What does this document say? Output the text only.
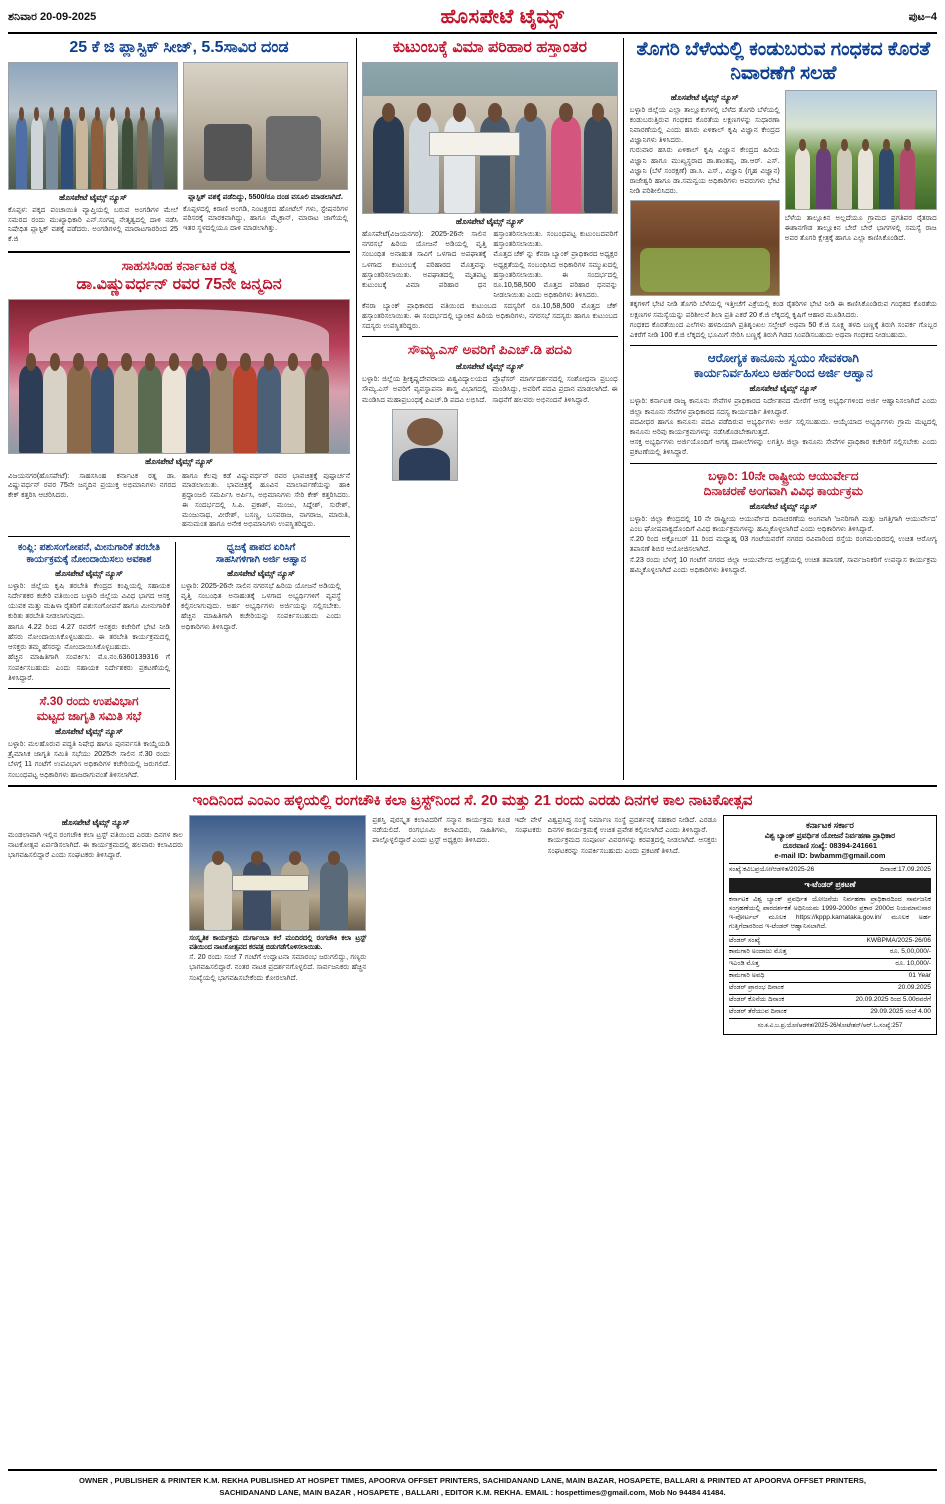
ಶನಿವಾರ 20-09-2025	ಹೊಸಪೇಟೆ ಟೈಮ್ಸ್	ಪುಟ–4
25 ಕೆ ಜಿ ಪ್ಲಾಸ್ಟಿಕ್ ಸೀಜ್, 5.5ಸಾವಿರ ದಂಡ
ಹೊಸಪೇಟೆ ಟೈಮ್ಸ್ ನ್ಯೂಸ್
ಕೊಪ್ಪಳ: ಪಕ್ಕದ ಪಂಚಾಯಿತಿ ವ್ಯಾಪ್ತಿಯಲ್ಲಿ ಬರುವ ಅಂಗಡಿಗಳ ಮೇಲೆ ಸಮರದ ರಂದು ಮುಖ್ಯಾಧಿಕಾರಿ ಎನ್.ಸಂಗಪ್ಪ ನೇತೃತ್ವದಲ್ಲಿ ದಾಳಿ ನಡೆಸಿ ನಿಷೇಧಿತ ಪ್ಲಾಸ್ಟಿಕ್ ವಶಕ್ಕೆ ಪಡೆದರು. ಅಂಗಡಿಗಳಲ್ಲಿ ಮಾರಾಟಗಾರರಿಂದ 25 ಕೆ.ಜಿ
ಪ್ಲಾಸ್ಟಿಕ್ ವಶಕ್ಕೆ ಪಡೆದಿದ್ದು, 5500/ರೂ ದಂಡ ವಸೂಲಿ ಮಾಡಲಾಗಿದೆ.
ಕೊಪ್ಪಳದಲ್ಲಿ ಕಿರಾಣಿ ಅಂಗಡಿ, ನಿಂಟಕ್ಷರದ ಹೋಟೆಲ್ ಗಳು, ಸ್ಟೇಷನರಿಗಳ ಪರಿಸರಕ್ಕೆ ಮಾರಕವಾಗಿದ್ದು, ಹಾಗೂ ಮೈಕ್ರಾನ್, ಮಾರಾಟ ಜಾಗೆಯಲ್ಲಿ ಇತರ ಸ್ಥಳದಲ್ಲಿಯೂ ದಾಳಿ ಮಾಡಲಾಗಿತ್ತು.
ಸಾಹಸಸಿಂಹ ಕರ್ನಾಟಕ ರತ್ನ
ಡಾ.ವಿಷ್ಣುವರ್ಧನ್ ರವರ 75ನೇ ಜನ್ಮದಿನ
ಹೊಸಪೇಟೆ ಟೈಮ್ಸ್ ನ್ಯೂಸ್
ವಿಜಯನಗರ(ಹೊಸಪೇಟೆ): ಸಾಹಸಸಿಂಹ ಕರ್ನಾಟಕ ರತ್ನ ಡಾ. ವಿಷ್ಣುವರ್ಧನ್ ರವರ 75ನೇ ಜನ್ಮದಿನ ಪ್ರಯುಕ್ತ ಅಭಿಮಾನಿಗಳು ನಗರದ ಕೇಕ್ ಕತ್ತರಿಸಿ ಆಚರಿಸಿದರು.
ಹಾಗೂ ಕೆಲವು ಕಡೆ ವಿಷ್ಣುವರ್ಧನ್ ರವರ ಭಾವಚಿತ್ರಕ್ಕೆ ಪುಷ್ಪಾರ್ಚನೆ ಮಾಡಲಾಯಿತು. ಭಾವಚಿತ್ರಕ್ಕೆ ಹೂವಿನ ಮಾಲಾರ್ಪಣೆಯನ್ನು ಹಾಕಿ ಶ್ರದ್ಧಾಂಜಲಿ ಸಮರ್ಪಿಸಿ ಅರ್ಪಿಸಿ, ಅಭಿಮಾನಿಗಳು ಸೇರಿ ಕೇಕ್ ಕತ್ತರಿಸಿದರು. ಈ ಸಂದರ್ಭದಲ್ಲಿ ಸಿ.ಪಿ. ಪ್ರಕಾಶ್, ಮಂಜು, ಸಿದ್ದೇಶ್, ಸುರೇಶ್, ಮಂಜುನಾಥ, ವೀರೇಶ್, ಬಸಣ್ಣ, ಬಸವರಾಜ, ನಾಗರಾಜ, ಮಾರುತಿ, ಹನುಮಂತ ಹಾಗೂ ಅನೇಕ ಅಭಿಮಾನಿಗಳು ಉಪಸ್ಥಿತರಿದ್ದರು.
ಕಂಪ್ಲಿ: ಪಶುಸಂಗೋಪನೆ, ಮೀನುಗಾರಿಕೆ ತರಬೇತಿ
ಕಾರ್ಯಕ್ರಮಕ್ಕೆ ನೋಂದಾಯಿಸಲು ಅವಕಾಶ
ಹೊಸಪೇಟೆ ಟೈಮ್ಸ್ ನ್ಯೂಸ್
ಬಳ್ಳಾರಿ: ಜಿಲ್ಲೆಯ ಕೃಷಿ ತರಬೇತಿ ಕೇಂದ್ರದ ಕಂಪ್ಲಿಯಲ್ಲಿ ಸಹಾಯಕ ನಿರ್ದೇಶಕರ ಕಚೇರಿ ವತಿಯಿಂದ ಬಳ್ಳಾರಿ ಜಿಲ್ಲೆಯ ವಿವಿಧ ಭಾಗದ ಆಸಕ್ತ ಯುವಕ ಮತ್ತು ಮಹಿಳಾ ರೈತರಿಗೆ ಪಶುಸಂಗೋಪನೆ ಹಾಗೂ ಮೀನುಗಾರಿಕೆ ಕುರಿತು ತರಬೇತಿ ನೀಡಲಾಗುವುದು.
ಹಾಗೂ 4.22 ರಿಂದ 4.27 ರವರೆಗೆ ಆಸಕ್ತರು ಕಚೇರಿಗೆ ಭೇಟಿ ನೀಡಿ ಹೆಸರು ನೋಂದಾಯಿಸಿಕೊಳ್ಳಬಹುದು. ಈ ತರಬೇತಿ ಕಾರ್ಯಕ್ರಮದಲ್ಲಿ ಆಸಕ್ತರು ತಮ್ಮ ಹೆಸರನ್ನು ನೋಂದಾಯಿಸಿಕೊಳ್ಳಬಹುದು.
ಹೆಚ್ಚಿನ ಮಾಹಿತಿಗಾಗಿ ಸಂಪರ್ಕಿಸಿ: ಮೊ.ನಂ.6360139316 ಗೆ ಸಂಪರ್ಕಿಸಬಹುದು ಎಂದು ಸಹಾಯಕ ನಿರ್ದೇಶಕರು ಪ್ರಕಟಣೆಯಲ್ಲಿ ತಿಳಿಸಿದ್ದಾರೆ.
ಸೆ.30 ರಂದು ಉಪವಿಭಾಗ
ಮಟ್ಟದ ಜಾಗೃತಿ ಸಮಿತಿ ಸಭೆ
ಹೊಸಪೇಟೆ ಟೈಮ್ಸ್ ನ್ಯೂಸ್
ಬಳ್ಳಾರಿ: ಮಲಹೊರುವ ಪದ್ಧತಿ ನಿಷೇಧ ಹಾಗೂ ಪುನರ್ವಸತಿ ಕಾಯ್ದೆಯಡಿ ತ್ರೈಮಾಸಿಕ ಜಾಗೃತಿ ಸಮಿತಿ ಸಭೆಯು 2025ನೇ ಸಾಲಿನ ಸೆ.30 ರಂದು ಬೆಳಗ್ಗೆ 11 ಗಂಟೆಗೆ ಉಪವಿಭಾಗ ಅಧಿಕಾರಿಗಳ ಕಚೇರಿಯಲ್ಲಿ ಜರುಗಲಿದೆ. ಸಂಬಂಧಪಟ್ಟ ಅಧಿಕಾರಿಗಳು ಹಾಜರಾಗುವಂತೆ ತಿಳಿಸಲಾಗಿದೆ.
ಧ್ವಜಕ್ಕೆ ಪಾಪದ ಏರಿಸಿಗೆ
ಸಾಹಸಿಗಳಿಗಾಗಿ ಅರ್ಜಿ ಆಹ್ವಾನ
ಹೊಸಪೇಟೆ ಟೈಮ್ಸ್ ನ್ಯೂಸ್
ಬಳ್ಳಾರಿ: 2025-26ನೇ ಸಾಲಿನ ನಗರಸಭೆ ಹಿರಿಯ ಯೋಜನೆ ಅಡಿಯಲ್ಲಿ ವೃತ್ತಿ ಸಂಬಂಧಿತ ಅನಾಹುತಕ್ಕೆ ಒಳಗಾದ ಅಭ್ಯರ್ಥಿಗಳಿಗೆ ವ್ಯವಸ್ಥೆ ಕಲ್ಪಿಸಲಾಗುವುದು. ಅರ್ಹ ಅಭ್ಯರ್ಥಿಗಳು ಅರ್ಜಿಯನ್ನು ಸಲ್ಲಿಸಬೇಕು. ಹೆಚ್ಚಿನ ಮಾಹಿತಿಗಾಗಿ ಕಚೇರಿಯನ್ನು ಸಂಪರ್ಕಿಸಬಹುದು ಎಂದು ಅಧಿಕಾರಿಗಳು ತಿಳಿಸಿದ್ದಾರೆ.
ಕುಟುಂಬಕ್ಕೆ ವಿಮಾ ಪರಿಹಾರ ಹಸ್ತಾಂತರ
ಹೊಸಪೇಟೆ ಟೈಮ್ಸ್ ನ್ಯೂಸ್
ಹೊಸಪೇಟೆ(ವಿಜಯನಗರ): 2025-26ನೇ ಸಾಲಿನ ನಗರಸಭೆ ಹಿರಿಯ ಯೋಜನೆ ಅಡಿಯಲ್ಲಿ ವೃತ್ತಿ ಸಂಬಂಧಿತ ಅನಾಹುತ ಸಾವಿಗೆ ಒಳಗಾದ ಅಪಘಾತಕ್ಕೆ ಒಳಗಾದ ಕುಟುಂಬಕ್ಕೆ ಪರಿಹಾರದ ಮೊತ್ತವನ್ನು ಹಸ್ತಾಂತರಿಸಲಾಯಿತು. ಅಪಘಾತದಲ್ಲಿ ಮೃತಪಟ್ಟ ಕುಟುಂಬಕ್ಕೆ ವಿಮಾ ಪರಿಹಾರ ಧನ ಹಸ್ತಾಂತರಿಸಲಾಯಿತು. ಸಂಬಂಧಪಟ್ಟ ಕುಟುಂಬದವರಿಗೆ ಹಸ್ತಾಂತರಿಸಲಾಯಿತು.
ಮೊತ್ತದ ಚೆಕ್ ನ್ನು ಕೆನರಾ ಬ್ಯಾಂಕ್ ಪ್ರಾಧಿಕಾರದ ಅಧ್ಯಕ್ಷರ ಅಧ್ಯಕ್ಷತೆಯಲ್ಲಿ ಸಂಬಂಧಿಸಿದ ಅಧಿಕಾರಿಗಳ ಸಮ್ಮುಖದಲ್ಲಿ ಹಸ್ತಾಂತರಿಸಲಾಯಿತು. ಈ ಸಂದರ್ಭದಲ್ಲಿ ರೂ.10,58,500 ಮೊತ್ತದ ಪರಿಹಾರ ಧನವನ್ನು ನೀಡಲಾಯಿತು ಎಂದು ಅಧಿಕಾರಿಗಳು ತಿಳಿಸಿದರು.
ಕೆನರಾ ಬ್ಯಾಂಕ್ ಪ್ರಾಧಿಕಾರದ ವತಿಯಿಂದ ಕುಟುಂಬದ ಸದಸ್ಯರಿಗೆ ರೂ.10,58,500 ಮೊತ್ತದ ಚೆಕ್ ಹಸ್ತಾಂತರಿಸಲಾಯಿತು. ಈ ಸಂದರ್ಭದಲ್ಲಿ ಬ್ಯಾಂಕಿನ ಹಿರಿಯ ಅಧಿಕಾರಿಗಳು, ನಗರಸಭೆ ಸದಸ್ಯರು ಹಾಗೂ ಕುಟುಂಬದ ಸದಸ್ಯರು ಉಪಸ್ಥಿತರಿದ್ದರು.
ಸೌಮ್ಯ.ಎಸ್ ಅವರಿಗೆ ಪಿಎಚ್.ಡಿ ಪದವಿ
ಹೊಸಪೇಟೆ ಟೈಮ್ಸ್ ನ್ಯೂಸ್
ಬಳ್ಳಾರಿ: ಜಿಲ್ಲೆಯ ಶ್ರೀಕೃಷ್ಣದೇವರಾಯ ವಿಶ್ವವಿದ್ಯಾಲಯದ ಸೌಮ್ಯ.ಎಸ್ ಅವರಿಗೆ ವ್ಯವಸ್ಥಾಪನಾ ಶಾಸ್ತ್ರ ವಿಭಾಗದಲ್ಲಿ ಮಂಡಿಸಿದ ಮಹಾಪ್ರಬಂಧಕ್ಕೆ ಪಿಎಚ್.ಡಿ ಪದವಿ ಲಭಿಸಿದೆ.
ಪ್ರೊಫೆಸರ್ ಮಾರ್ಗದರ್ಶನದಲ್ಲಿ ಸಂಶೋಧನಾ ಪ್ರಬಂಧ ಮಂಡಿಸಿದ್ದು, ಅವರಿಗೆ ಪದವಿ ಪ್ರದಾನ ಮಾಡಲಾಗಿದೆ. ಈ ಸಾಧನೆಗೆ ಹಲವರು ಅಭಿನಂದನೆ ತಿಳಿಸಿದ್ದಾರೆ.
ತೊಗರಿ ಬೆಳೆಯಲ್ಲಿ ಕಂಡುಬರುವ ಗಂಧಕದ ಕೊರತೆ ನಿವಾರಣೆಗೆ ಸಲಹೆ
ಹೊಸಪೇಟೆ ಟೈಮ್ಸ್ ನ್ಯೂಸ್
ಬಳ್ಳಾರಿ ಜಿಲ್ಲೆಯ ಎಲ್ಲಾ ತಾಲ್ಲೂಕುಗಳಲ್ಲಿ ಬೆಳೆದ ತೊಗರಿ ಬೆಳೆಯಲ್ಲಿ ಕಂಡುಬರುತ್ತಿರುವ ಗಂಧಕದ ಕೊರತೆಯ ಲಕ್ಷಣಗಳನ್ನು ಸುಧಾರಣಾ ನಿವಾರಣೆಯಲ್ಲಿ ಎಂದು ಹಸಿರು ಏಳಿಕಾಲ್ ಕೃಷಿ ವಿಜ್ಞಾನ ಕೇಂದ್ರದ ವಿಜ್ಞಾನಿಗಳು ತಿಳಿಸಿದರು.
ಗುರುವಾರ ಹಸಿರು ಏಳಿಕಾಲ್ ಕೃಷಿ ವಿಜ್ಞಾನ ಕೇಂದ್ರದ ಹಿರಿಯ ವಿಜ್ಞಾನಿ ಹಾಗೂ ಮುಖ್ಯಸ್ಥರಾದ ಡಾ.ಶಾಂತಪ್ಪ, ಡಾ.ಆರ್. ಎಸ್. ವಿಜ್ಞಾನಿ (ಬೆಳೆ ಸಂರಕ್ಷಣೆ) ಡಾ.ಸಿ. ಎಸ್., ವಿಜ್ಞಾನಿ (ಗೃಹ ವಿಜ್ಞಾನ) ರಾಜೇಶ್ವರಿ ಹಾಗೂ ಡಾ.ಸಮನ್ವಯ ಅಧಿಕಾರಿಗಳು ಅವರುಗಳು ಭೇಟಿ ನೀಡಿ ಪರಿಶೀಲಿಸಿದರು.
ಬೆಳೆಯ ತಾಲ್ಲೂಕಿನ ಅಲ್ಲದೆಯೂ ಗ್ರಾಮದ ಪ್ರಗತಿಪರ ರೈತರಾದ ಈಶಾನಗೌಡ ತಾಲ್ಲೂಕಿನ ಬೇರೆ ಬೇರೆ ಭಾಗಗಳಲ್ಲಿ ಸಮಸ್ಯೆ ರಾಜ ಅವರ ತೊಗರಿ ಕ್ಷೇತ್ರಕ್ಕೆ ಹಾಗೂ ಎಲ್ಲಾ ಕಾಣಿಸಿಕೊಂಡಿದೆ.
ತಕ್ಕಗಳಿಗೆ ಭೇಟಿ ನೀಡಿ ತೊಗರಿ ಬೆಳೆಯಲ್ಲಿ ಇತ್ತೀಚೆಗೆ ಎಕ್ರೆಯಲ್ಲಿ ಕಂಡ ರೈತರಿಗಳ ಭೇಟಿ ನೀಡಿ ಈ ಕಾಣಿಸಿಕೊಂಡಿರುವ ಗಂಧಕದ ಕೊರತೆಯ ಲಕ್ಷಣಗಳ ಸಮಸ್ಯೆಯನ್ನು ಪರಿಶೀಲನೆ ಶಿಲಾ ಪ್ರತಿ ಎಕರೆ 20 ಕೆ.ಜಿ ಲೆಕ್ಕದಲ್ಲಿ ಕೃಷಿಗೆ ಆಹಾರ ಮೂಡಿಸಿದರು.
ಗಂಧಕದ ಕೊರತೆಯಿಂದ ಎಲೆಗಳು ಹಳದಿಯಾಗಿ ಪ್ರತಿಶೃಂಖಲ ಸಲ್ಫೇಟ್ ಅಥವಾ 50 ಕೆ.ಜಿ ಸೂಕ್ಷ್ಮ ತಳದಿ ಬಣ್ಣಕ್ಕೆ ತಿರುಗಿ ಸಂಪರ್ಕ ಗೊಬ್ಬರ ಎಕರೆಗೆ ನೀಡಿ 100 ಕೆ.ಜಿ ಲೆಕ್ಕದಲ್ಲಿ ಭೂಮಿಗೆ ಸೇರಿಸಿ ಬಣ್ಣಕ್ಕೆ ತಿರುಗಿ ಗಿಡದ ಸಿಂಪಡಿಸಬಹುದು ಅಥವಾ ಗಂಧಕದ ನೀಡಬಹುದು.
ಆರೋಗ್ಯಕ ಕಾನೂನು ಸ್ವಯಂ ಸೇವಕರಾಗಿ
ಕಾರ್ಯನಿರ್ವಹಿಸಲು ಅರ್ಹರಿಂದ ಅರ್ಜಿ ಆಹ್ವಾನ
ಹೊಸಪೇಟೆ ಟೈಮ್ಸ್ ನ್ಯೂಸ್
ಬಳ್ಳಾರಿ: ಕರ್ನಾಟಕ ರಾಜ್ಯ ಕಾನೂನು ಸೇವೆಗಳ ಪ್ರಾಧಿಕಾರದ ನಿರ್ದೇಶನದ ಮೇರೆಗೆ ಆಸಕ್ತ ಅಭ್ಯರ್ಥಿಗಳಿಂದ ಅರ್ಜಿ ಆಹ್ವಾನಿಸಲಾಗಿದೆ ಎಂದು ಜಿಲ್ಲಾ ಕಾನೂನು ಸೇವೆಗಳ ಪ್ರಾಧಿಕಾರದ ಸದಸ್ಯ ಕಾರ್ಯದರ್ಶಿ ತಿಳಿಸಿದ್ದಾರೆ.
ಪದವೀಧರ ಹಾಗೂ ಕಾನೂನು ಪದವಿ ಪಡೆದಿರುವ ಅಭ್ಯರ್ಥಿಗಳು ಅರ್ಜಿ ಸಲ್ಲಿಸಬಹುದು. ಆಯ್ಕೆಯಾದ ಅಭ್ಯರ್ಥಿಗಳು ಗ್ರಾಮ ಮಟ್ಟದಲ್ಲಿ ಕಾನೂನು ಅರಿವು ಕಾರ್ಯಕ್ರಮಗಳನ್ನು ನಡೆಸಿಕೊಡಬೇಕಾಗುತ್ತದೆ.
ಆಸಕ್ತ ಅಭ್ಯರ್ಥಿಗಳು ಅರ್ಜಿಯೊಂದಿಗೆ ಅಗತ್ಯ ದಾಖಲೆಗಳನ್ನು ಲಗತ್ತಿಸಿ ಜಿಲ್ಲಾ ಕಾನೂನು ಸೇವೆಗಳ ಪ್ರಾಧಿಕಾರ ಕಚೇರಿಗೆ ಸಲ್ಲಿಸಬೇಕು ಎಂದು ಪ್ರಕಟಣೆಯಲ್ಲಿ ತಿಳಿಸಿದ್ದಾರೆ.
ಬಳ್ಳಾರಿ: 10ನೇ ರಾಷ್ಟ್ರೀಯ ಆಯುರ್ವೇದ
ದಿನಾಚರಣೆ ಅಂಗವಾಗಿ ವಿವಿಧ ಕಾರ್ಯಕ್ರಮ
ಹೊಸಪೇಟೆ ಟೈಮ್ಸ್ ನ್ಯೂಸ್
ಬಳ್ಳಾರಿ: ಜಿಲ್ಲಾ ಕೇಂದ್ರದಲ್ಲಿ 10 ನೇ ರಾಷ್ಟ್ರೀಯ ಆಯುರ್ವೇದ ದಿನಾಚರಣೆಯ ಅಂಗವಾಗಿ 'ಜನರಿಗಾಗಿ ಮತ್ತು ಜಗತ್ತಿಗಾಗಿ ಆಯುರ್ವೇದ' ಎಂಬ ಘೋಷವಾಕ್ಯದೊಂದಿಗೆ ವಿವಿಧ ಕಾರ್ಯಕ್ರಮಗಳನ್ನು ಹಮ್ಮಿಕೊಳ್ಳಲಾಗಿದೆ ಎಂದು ಅಧಿಕಾರಿಗಳು ತಿಳಿಸಿದ್ದಾರೆ.
ಸೆ.20 ರಿಂದ ಅಕ್ಟೋಬರ್ 11 ರಿಂದ ಮಧ್ಯಾಹ್ನ 03 ಗಂಟೆಯವರೆಗೆ ನಗರದ ರವಿವಾರಿಂದ ರಸ್ತೆಯ ರಂಗಮಂದಿರದಲ್ಲಿ ಉಚಿತ ಆರೋಗ್ಯ ತಪಾಸಣೆ ಶಿಬಿರ ಆಯೋಜಿಸಲಾಗಿದೆ.
ಸೆ.23 ರಂದು ಬೆಳಗ್ಗೆ 10 ಗಂಟೆಗೆ ನಗರದ ಜಿಲ್ಲಾ ಆಯುರ್ವೇದ ಆಸ್ಪತ್ರೆಯಲ್ಲಿ ಉಚಿತ ತಪಾಸಣೆ, ಸಾರ್ವಜನಿಕರಿಗೆ ಉಪನ್ಯಾಸ ಕಾರ್ಯಕ್ರಮ ಹಮ್ಮಿಕೊಳ್ಳಲಾಗಿದೆ ಎಂದು ಅಧಿಕಾರಿಗಳು ತಿಳಿಸಿದ್ದಾರೆ.
ಇಂದಿನಿಂದ ಎಂಎಂ ಹಳ್ಳಿಯಲ್ಲಿ ರಂಗಚೌಕಿ ಕಲಾ ಟ್ರಸ್ಟ್‌ನಿಂದ ಸೆ. 20 ಮತ್ತು 21 ರಂದು ಎರಡು ದಿನಗಳ ಕಾಲ ನಾಟಕೋತ್ಸವ
ಹೊಸಪೇಟೆ ಟೈಮ್ಸ್ ನ್ಯೂಸ್
ಮಂಡಲಾವಾಗಿ ಇಲ್ಲಿನ ರಂಗಚೌಕಿ ಕಲಾ ಟ್ರಸ್ಟ್ ವತಿಯಿಂದ ಎರಡು ದಿನಗಳ ಕಾಲ ನಾಟಕೋತ್ಸವ ಏರ್ಪಡಿಸಲಾಗಿದೆ. ಈ ಕಾರ್ಯಕ್ರಮದಲ್ಲಿ ಹಲವಾರು ಕಲಾವಿದರು ಭಾಗವಹಿಸಲಿದ್ದಾರೆ ಎಂದು ಸಂಘಟಕರು ತಿಳಿಸಿದ್ದಾರೆ.
ಸಂಸ್ಕೃತಿಕ ಕಾರ್ಯಕ್ರಮ ದುರ್ಗಾಂಬಾ ಕಲೆ ಮಂದಿರದಲ್ಲಿ ರಂಗಚೌಕಿ ಕಲಾ ಟ್ರಸ್ಟ್ ವತಿಯಿಂದ ನಾಟಕೋತ್ಸವದ ಕರಪತ್ರ ಬಿಡುಗಡೆಗೊಳಿಸಲಾಯಿತು.
ಸೆ. 20 ರಂದು ಸಂಜೆ 7 ಗಂಟೆಗೆ ಉದ್ಘಾಟನಾ ಸಮಾರಂಭ ಜರುಗಲಿದ್ದು, ಗಣ್ಯರು ಭಾಗವಹಿಸಲಿದ್ದಾರೆ. ನಂತರ ನಾಟಕ ಪ್ರದರ್ಶನಗೊಳ್ಳಲಿದೆ. ಸಾರ್ವಜನಿಕರು ಹೆಚ್ಚಿನ ಸಂಖ್ಯೆಯಲ್ಲಿ ಭಾಗವಹಿಸಬೇಕೆಂದು ಕೋರಲಾಗಿದೆ.
ಪ್ರಶಸ್ತಿ ಪುರಸ್ಕೃತ ಕಲಾವಿದರಿಗೆ ಸನ್ಮಾನ ಕಾರ್ಯಕ್ರಮ ಕೂಡ ಇದೇ ವೇಳೆ ನಡೆಯಲಿದೆ. ರಂಗಭೂಮಿ ಕಲಾವಿದರು, ಸಾಹಿತಿಗಳು, ಸಂಘಟಕರು ಪಾಲ್ಗೊಳ್ಳಲಿದ್ದಾರೆ ಎಂದು ಟ್ರಸ್ಟ್ ಅಧ್ಯಕ್ಷರು ತಿಳಿಸಿದರು.
ವಿಶ್ವಪ್ರಸಿದ್ಧ ಸಂಸ್ಥೆ ನಿರ್ಮಾಣ ಸಂಸ್ಥೆ ಪ್ರದರ್ಶನಕ್ಕೆ ಸಹಕಾರ ನೀಡಿದೆ. ಎರಡೂ ದಿನಗಳ ಕಾರ್ಯಕ್ರಮಕ್ಕೆ ಉಚಿತ ಪ್ರವೇಶ ಕಲ್ಪಿಸಲಾಗಿದೆ ಎಂದು ತಿಳಿಸಿದ್ದಾರೆ.
ಕಾರ್ಯಕ್ರಮದ ಸಂಪೂರ್ಣ ವಿವರಗಳನ್ನು ಕರಪತ್ರದಲ್ಲಿ ನೀಡಲಾಗಿದೆ. ಆಸಕ್ತರು ಸಂಘಟಕರನ್ನು ಸಂಪರ್ಕಿಸಬಹುದು ಎಂದು ಪ್ರಕಟಣೆ ತಿಳಿಸಿದೆ.
ಕರ್ನಾಟಕ ಸರ್ಕಾರ
ವಿಶ್ವ ಬ್ಯಾಂಕ್ ಪ್ರವರ್ಧಿತ ಯೋಜನೆ ನಿರ್ವಹಣಾ ಪ್ರಾಧಿಕಾರ
ದೂರವಾಣಿ ಸಂಖ್ಯೆ: 08394-241661
e-mail ID: bwbamm@gmail.com
ಸಂಖ್ಯೆ:ಕವಿಬಪ್ರಯೋ/ಆಡಳಿತ/2025-26	ದಿನಾಂಕ:17.09.2025
ಇ-ಟೆಂಡರ್ ಪ್ರಕಟಣೆ
ಕರ್ನಾಟಕ ವಿಶ್ವ ಬ್ಯಾಂಕ್ ಪ್ರವರ್ಧಿತ ಯೋಜನೆಯ ನಿರ್ವಹಣಾ ಪ್ರಾಧಿಕಾರದಿಂದ ಸಾರ್ವಜನಿಕ ಸಂಗ್ರಹಣೆಯಲ್ಲಿ ಪಾರದರ್ಶಕತೆ ಅಧಿನಿಯಮ 1999-2000ರ ಪ್ರಕಾರ 2000ದ ನಿಯಮಾನುಸಾರ ಇ-ಪೋರ್ಟಲ್ ಮೂಲಕ https://kppp.karnataka.gov.in/ ಮೂಲಕ ಅರ್ಹ ಗುತ್ತಿಗೆದಾರರಿಂದ ಇ-ಟೆಂಡರ್ ಆಹ್ವಾನಿಸಲಾಗಿದೆ.
ಟೆಂಡರ್ ಸಂಖ್ಯೆ	KWBPMA/2025-26/06
ಕಾಮಗಾರಿ ಅಂದಾಜು ಮೊತ್ತ	ರೂ. 5,00,000/-
ಇಎಂಡಿ ಮೊತ್ತ	ರೂ. 10,000/-
ಕಾಮಗಾರಿ ಅವಧಿ	01 Year
ಟೆಂಡರ್ ಪ್ರಾರಂಭ ದಿನಾಂಕ	20.09.2025
ಟೆಂಡರ್ ಕೊನೆಯ ದಿನಾಂಕ	20.09.2025 ರಿಂದ 5.00ರವರೆಗೆ
ಟೆಂಡರ್ ತೆರೆಯುವ ದಿನಾಂಕ	29.09.2025 ಸಂಜೆ 4.00
ಸಂ.ಕ.ವಿ.ಬ.ಪ್ರ.ಯೋ/ಆಡಳಿತ/2025-26/ಕೋಟೇಶನ್/ಆರ್.ಓ.ಸಂಖ್ಯೆ:257
OWNER , PUBLISHER & PRINTER K.M. REKHA PUBLISHED AT HOSPET TIMES, APOORVA OFFSET PRINTERS, SACHIDANAND LANE, MAIN BAZAR, HOSAPETE, BALLARI & PRINTED AT APOORVA OFFSET PRINTERS,
SACHIDANAND LANE, MAIN BAZAR , HOSAPETE , BALLARI , EDITOR K.M. REKHA. EMAIL : hospettimes@gmail.com, Mob No 94484 41484.
